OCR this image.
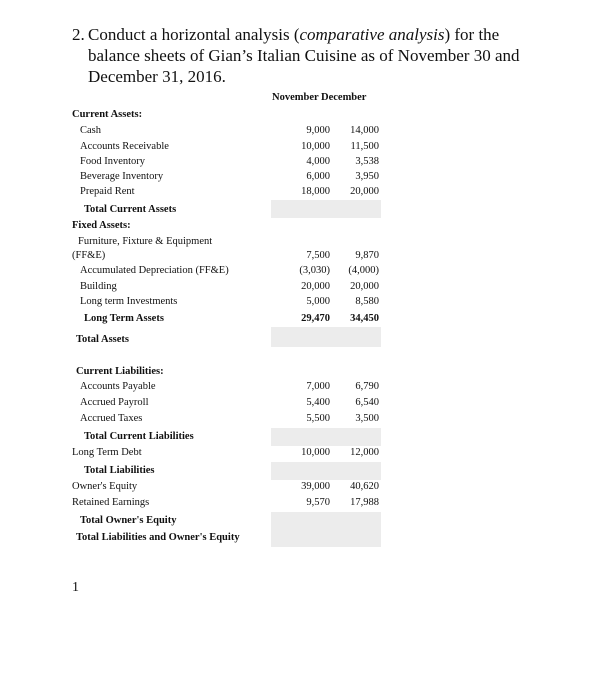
2. Conduct a horizontal analysis (comparative analysis) for the balance sheets of Gian’s Italian Cuisine as of November 30 and December 31, 2016.
November December
Current Assets:
Cash	9,000	14,000
Accounts Receivable	10,000	11,500
Food Inventory	4,000	3,538
Beverage Inventory	6,000	3,950
Prepaid Rent	18,000	20,000
Total Current Assets
Fixed Assets:
Furniture, Fixture & Equipment
(FF&E)	7,500	9,870
Accumulated Depreciation (FF&E)	(3,030)	(4,000)
Building	20,000	20,000
Long term Investments	5,000	8,580
Long Term Assets	29,470	34,450
Total Assets
Current Liabilities:
Accounts Payable	7,000	6,790
Accrued Payroll	5,400	6,540
Accrued Taxes	5,500	3,500
Total Current Liabilities
Long Term Debt	10,000	12,000
Total Liabilities
Owner's Equity	39,000	40,620
Retained Earnings	9,570	17,988
Total Owner's Equity
Total Liabilities and Owner's Equity
1
